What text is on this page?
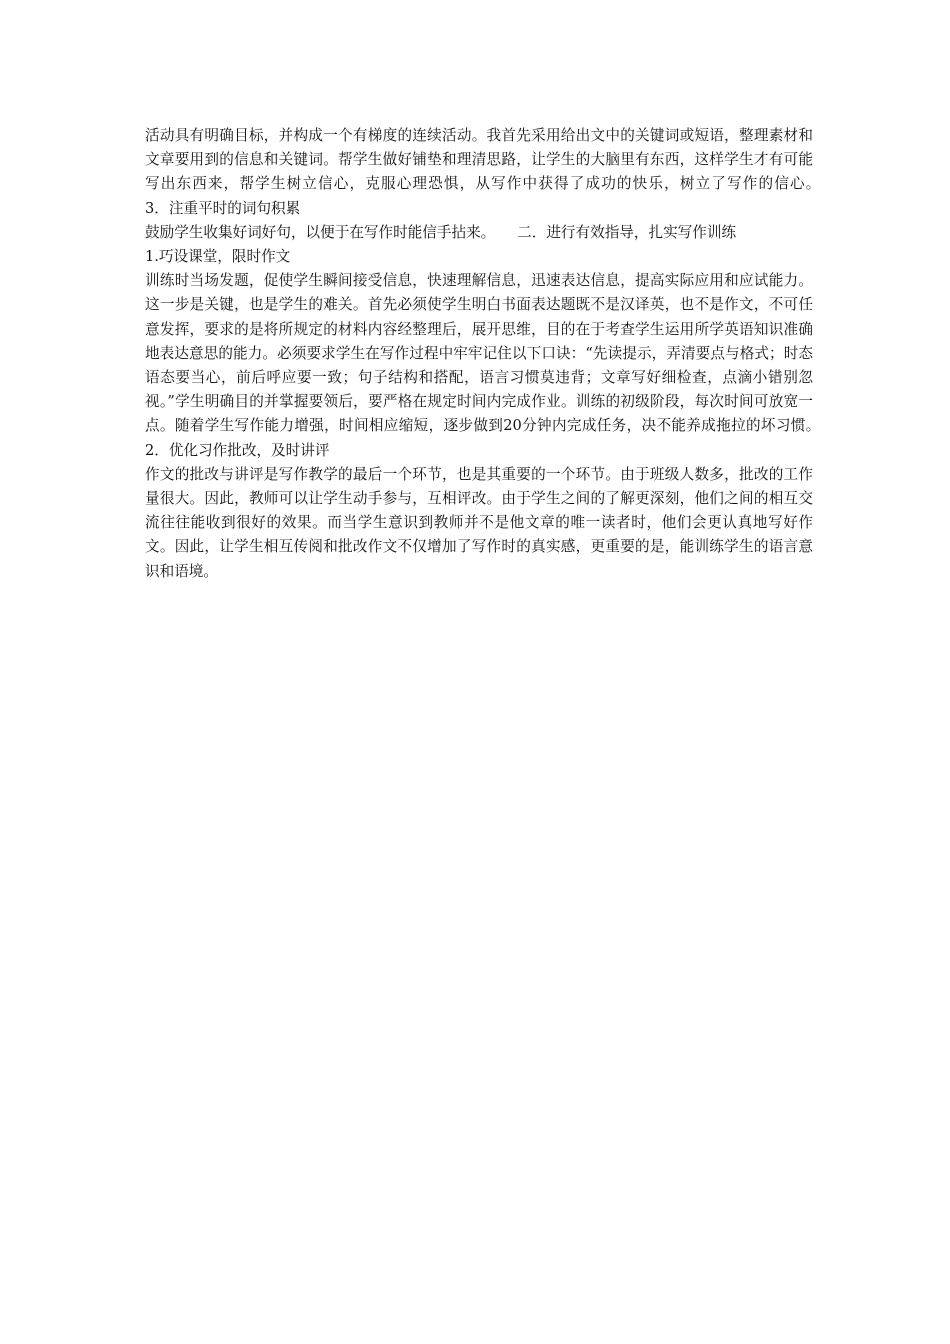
活动具有明确目标，并构成一个有梯度的连续活动。我首先采用给出文中的关键词或短语，整理素材和文章要用到的信息和关键词。帮学生做好铺垫和理清思路，让学生的大脑里有东西，这样学生才有可能写出东西来，帮学生树立信心，克服心理恐惧，从写作中获得了成功的快乐，树立了写作的信心。　　3．注重平时的词句积累

鼓励学生收集好词好句，以便于在写作时能信手拈来。　　二．进行有效指导，扎实写作训练

1.巧设课堂，限时作文

训练时当场发题，促使学生瞬间接受信息，快速理解信息，迅速表达信息，提高实际应用和应试能力。这一步是关键，也是学生的难关。首先必须使学生明白书面表达题既不是汉译英，也不是作文，不可任意发挥，要求的是将所规定的材料内容经整理后，展开思维，目的在于考查学生运用所学英语知识准确地表达意思的能力。必须要求学生在写作过程中牢牢记住以下口诀：“先读提示，弄清要点与格式；时态语态要当心，前后呼应要一致；句子结构和搭配，语言习惯莫违背；文章写好细检查，点滴小错别忽视。”学生明确目的并掌握要领后，要严格在规定时间内完成作业。训练的初级阶段，每次时间可放宽一点。随着学生写作能力增强，时间相应缩短，逐步做到20分钟内完成任务，决不能养成拖拉的坏习惯。　　2．优化习作批改，及时讲评

作文的批改与讲评是写作教学的最后一个环节，也是其重要的一个环节。由于班级人数多，批改的工作量很大。因此，教师可以让学生动手参与，互相评改。由于学生之间的了解更深刻，他们之间的相互交流往往能收到很好的效果。而当学生意识到教师并不是他文章的唯一读者时，他们会更认真地写好作文。因此，让学生相互传阅和批改作文不仅增加了写作时的真实感，更重要的是，能训练学生的语言意识和语境。
